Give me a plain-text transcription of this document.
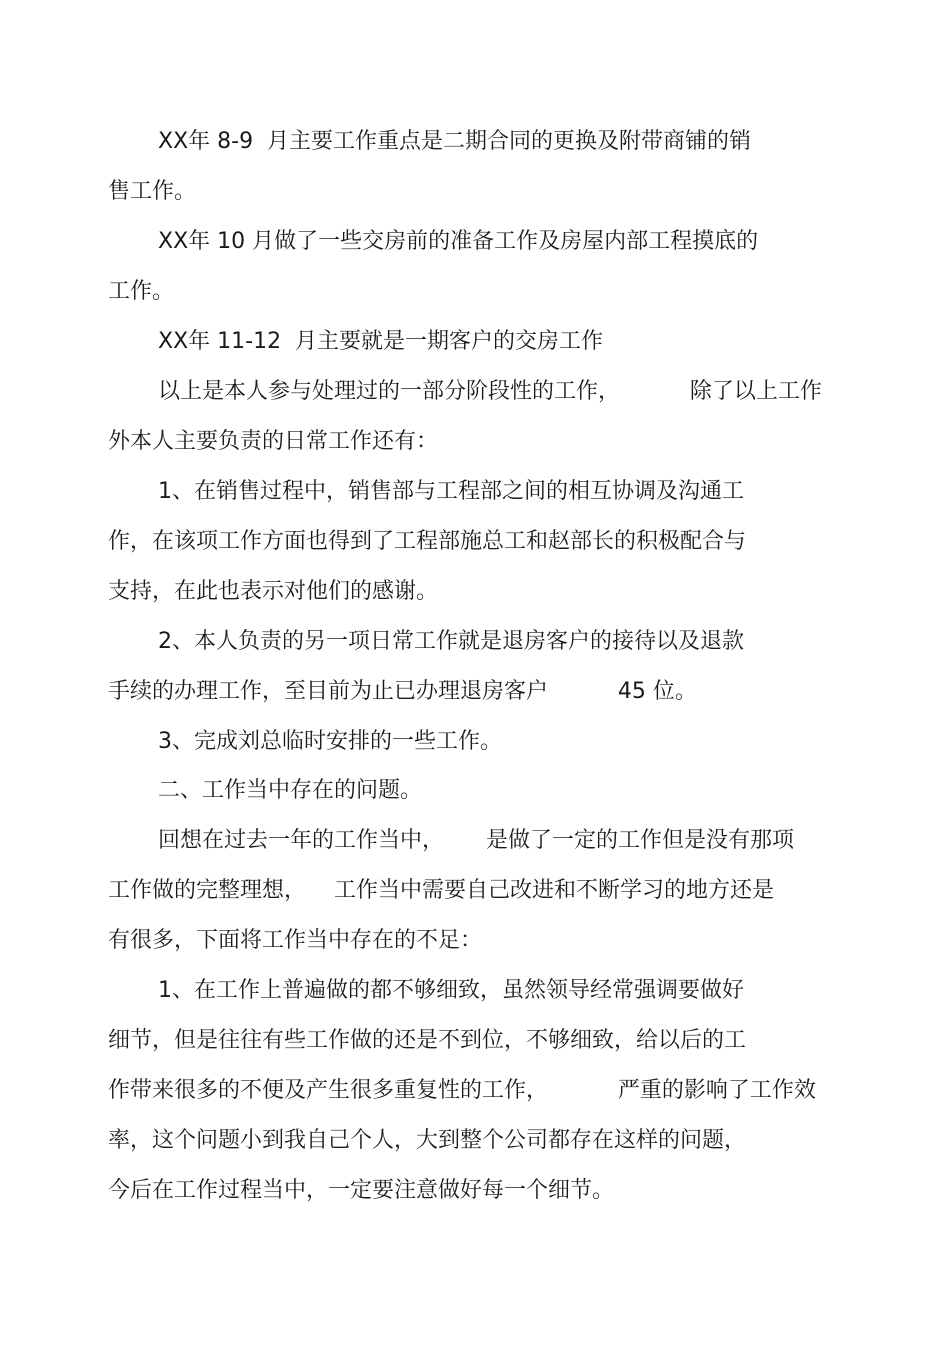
XX年 8-9  月主要工作重点是二期合同的更换及附带商铺的销
售工作。
XX年 10 月做了一些交房前的准备工作及房屋内部工程摸底的
工作。
XX年 11-12  月主要就是一期客户的交房工作
以上是本人参与处理过的一部分阶段性的工作，          除了以上工作
外本人主要负责的日常工作还有：
1、在销售过程中，销售部与工程部之间的相互协调及沟通工
作，在该项工作方面也得到了工程部施总工和赵部长的积极配合与
支持，在此也表示对他们的感谢。
2、本人负责的另一项日常工作就是退房客户的接待以及退款
手续的办理工作，至目前为止已办理退房客户          45 位。
3、完成刘总临时安排的一些工作。
二、工作当中存在的问题。
回想在过去一年的工作当中，      是做了一定的工作但是没有那项
工作做的完整理想，    工作当中需要自己改进和不断学习的地方还是
有很多，下面将工作当中存在的不足：
1、在工作上普遍做的都不够细致，虽然领导经常强调要做好
细节，但是往往有些工作做的还是不到位，不够细致，给以后的工
作带来很多的不便及产生很多重复性的工作，          严重的影响了工作效
率，这个问题小到我自己个人，大到整个公司都存在这样的问题，
今后在工作过程当中，一定要注意做好每一个细节。
